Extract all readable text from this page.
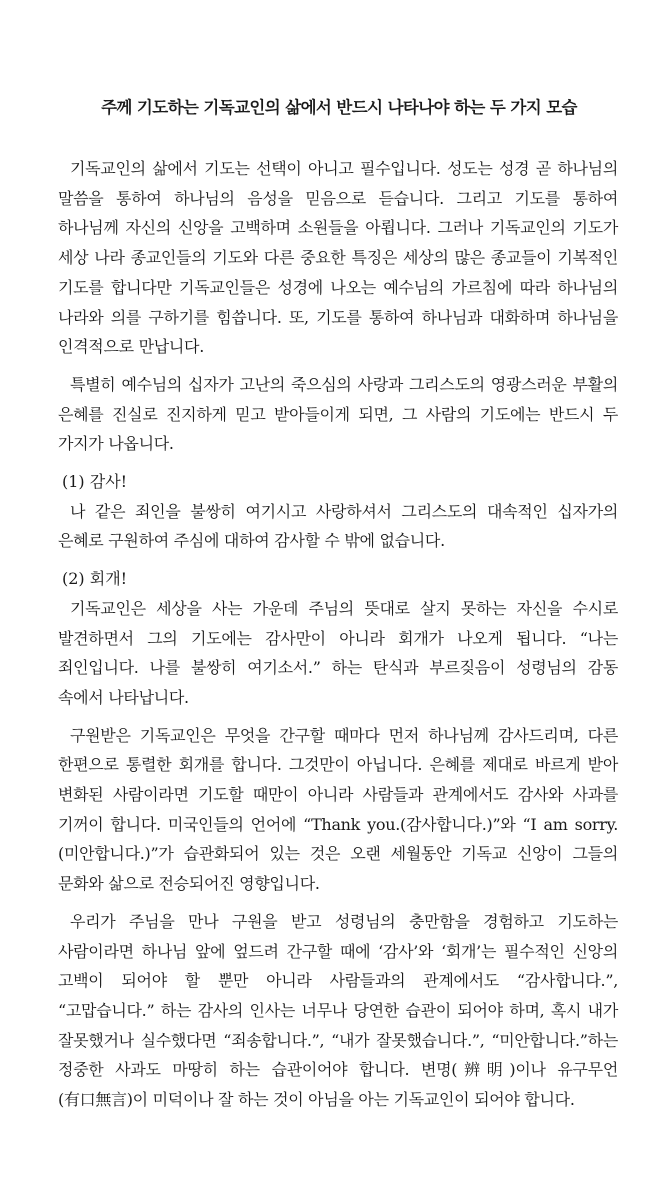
주께 기도하는 기독교인의 삶에서 반드시 나타나야 하는 두 가지 모습

기독교인의 삶에서 기도는 선택이 아니고 필수입니다. 성도는 성경 곧 하나님의 말씀을 통하여 하나님의 음성을 믿음으로 듣습니다. 그리고 기도를 통하여 하나님께 자신의 신앙을 고백하며 소원들을 아룁니다. 그러나 기독교인의 기도가 세상 나라 종교인들의 기도와 다른 중요한 특징은 세상의 많은 종교들이 기복적인 기도를 합니다만 기독교인들은 성경에 나오는 예수님의 가르침에 따라 하나님의 나라와 의를 구하기를 힘씁니다. 또, 기도를 통하여 하나님과 대화하며 하나님을 인격적으로 만납니다.

특별히 예수님의 십자가 고난의 죽으심의 사랑과 그리스도의 영광스러운 부활의 은혜를 진실로 진지하게 믿고 받아들이게 되면, 그 사람의 기도에는 반드시 두 가지가 나옵니다.

(1) 감사!

나 같은 죄인을 불쌍히 여기시고 사랑하셔서 그리스도의 대속적인 십자가의 은혜로 구원하여 주심에 대하여 감사할 수 밖에 없습니다.

(2) 회개!

기독교인은 세상을 사는 가운데 주님의 뜻대로 살지 못하는 자신을 수시로 발견하면서 그의 기도에는 감사만이 아니라 회개가 나오게 됩니다. “나는 죄인입니다. 나를 불쌍히 여기소서.” 하는 탄식과 부르짖음이 성령님의 감동 속에서 나타납니다.

구원받은 기독교인은 무엇을 간구할 때마다 먼저 하나님께 감사드리며, 다른 한편으로 통렬한 회개를 합니다. 그것만이 아닙니다. 은혜를 제대로 바르게 받아 변화된 사람이라면 기도할 때만이 아니라 사람들과 관계에서도 감사와 사과를 기꺼이 합니다. 미국인들의 언어에 “Thank you.(감사합니다.)”와 “I am sorry.(미안합니다.)”가 습관화되어 있는 것은 오랜 세월동안 기독교 신앙이 그들의 문화와 삶으로 전승되어진 영향입니다.

우리가 주님을 만나 구원을 받고 성령님의 충만함을 경험하고 기도하는 사람이라면 하나님 앞에 엎드려 간구할 때에 ‘감사’와 ‘회개’는 필수적인 신앙의 고백이 되어야 할 뿐만 아니라 사람들과의 관계에서도 “감사합니다.”, “고맙습니다.” 하는 감사의 인사는 너무나 당연한 습관이 되어야 하며, 혹시 내가 잘못했거나 실수했다면 “죄송합니다.”, “내가 잘못했습니다.”, “미안합니다.”하는 정중한 사과도 마땅히 하는 습관이어야 합니다. 변명(辨明)이나 유구무언(有口無言)이 미덕이나 잘 하는 것이 아님을 아는 기독교인이 되어야 합니다.
